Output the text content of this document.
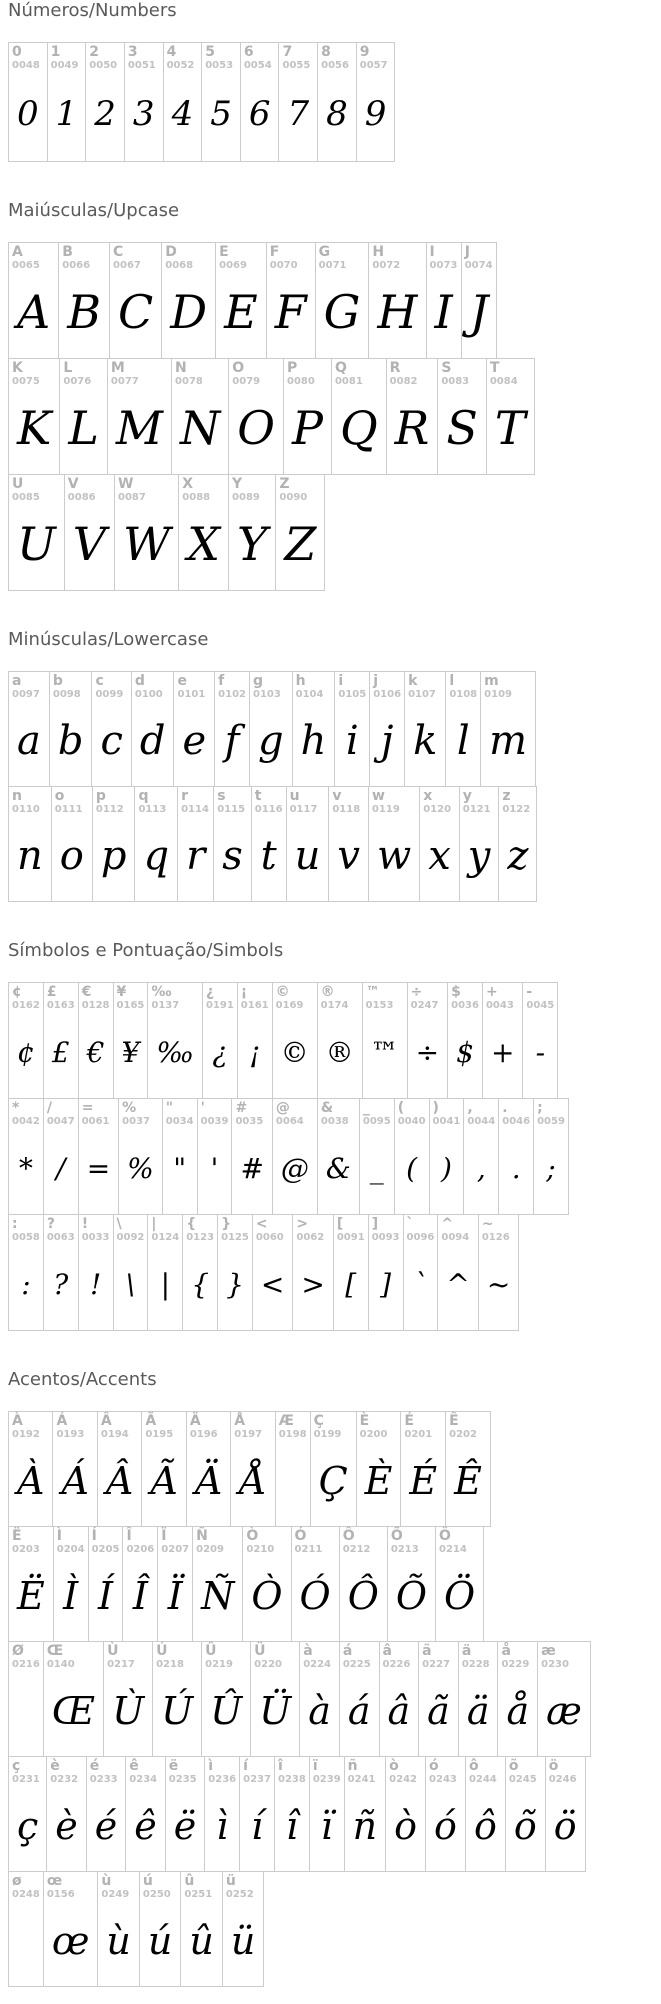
Números/Numbers
0
0048
0
1
0049
1
2
0050
2
3
0051
3
4
0052
4
5
0053
5
6
0054
6
7
0055
7
8
0056
8
9
0057
9
Maiúsculas/Upcase
A
0065
A
B
0066
B
C
0067
C
D
0068
D
E
0069
E
F
0070
F
G
0071
G
H
0072
H
I
0073
I
J
0074
J
K
0075
K
L
0076
L
M
0077
M
N
0078
N
O
0079
O
P
0080
P
Q
0081
Q
R
0082
R
S
0083
S
T
0084
T
U
0085
U
V
0086
V
W
0087
W
X
0088
X
Y
0089
Y
Z
0090
Z
Minúsculas/Lowercase
a
0097
a
b
0098
b
c
0099
c
d
0100
d
e
0101
e
f
0102
f
g
0103
g
h
0104
h
i
0105
i
j
0106
j
k
0107
k
l
0108
l
m
0109
m
n
0110
n
o
0111
o
p
0112
p
q
0113
q
r
0114
r
s
0115
s
t
0116
t
u
0117
u
v
0118
v
w
0119
w
x
0120
x
y
0121
y
z
0122
z
Símbolos e Pontuação/Simbols
¢
0162
¢
£
0163
£
€
0128
€
¥
0165
¥
‰
0137
‰
¿
0191
¿
¡
0161
¡
©
0169
©
®
0174
®
™
0153
™
÷
0247
÷
$
0036
$
+
0043
+
-
0045
-
*
0042
*
/
0047
/
=
0061
=
%
0037
%
"
0034
"
'
0039
'
#
0035
#
@
0064
@
&
0038
&
_
0095
_
(
0040
(
)
0041
)
,
0044
,
.
0046
.
;
0059
;
:
0058
:
?
0063
?
!
0033
!
\
0092
\
|
0124
|
{
0123
{
}
0125
}
<
0060
<
>
0062
>
[
0091
[
]
0093
]
`
0096
`
^
0094
^
~
0126
~
Acentos/Accents
À
0192
À
Á
0193
Á
Â
0194
Â
Ã
0195
Ã
Ä
0196
Ä
Å
0197
Å
Æ
0198
Ç
0199
Ç
È
0200
È
É
0201
É
Ê
0202
Ê
Ë
0203
Ë
Ì
0204
Ì
Í
0205
Í
Î
0206
Î
Ï
0207
Ï
Ñ
0209
Ñ
Ò
0210
Ò
Ó
0211
Ó
Ô
0212
Ô
Õ
0213
Õ
Ö
0214
Ö
Ø
0216
Œ
0140
Œ
Ù
0217
Ù
Ú
0218
Ú
Û
0219
Û
Ü
0220
Ü
à
0224
à
á
0225
á
â
0226
â
ã
0227
ã
ä
0228
ä
å
0229
å
æ
0230
æ
ç
0231
ç
è
0232
è
é
0233
é
ê
0234
ê
ë
0235
ë
ì
0236
ì
í
0237
í
î
0238
î
ï
0239
ï
ñ
0241
ñ
ò
0242
ò
ó
0243
ó
ô
0244
ô
õ
0245
õ
ö
0246
ö
ø
0248
œ
0156
œ
ù
0249
ù
ú
0250
ú
û
0251
û
ü
0252
ü
